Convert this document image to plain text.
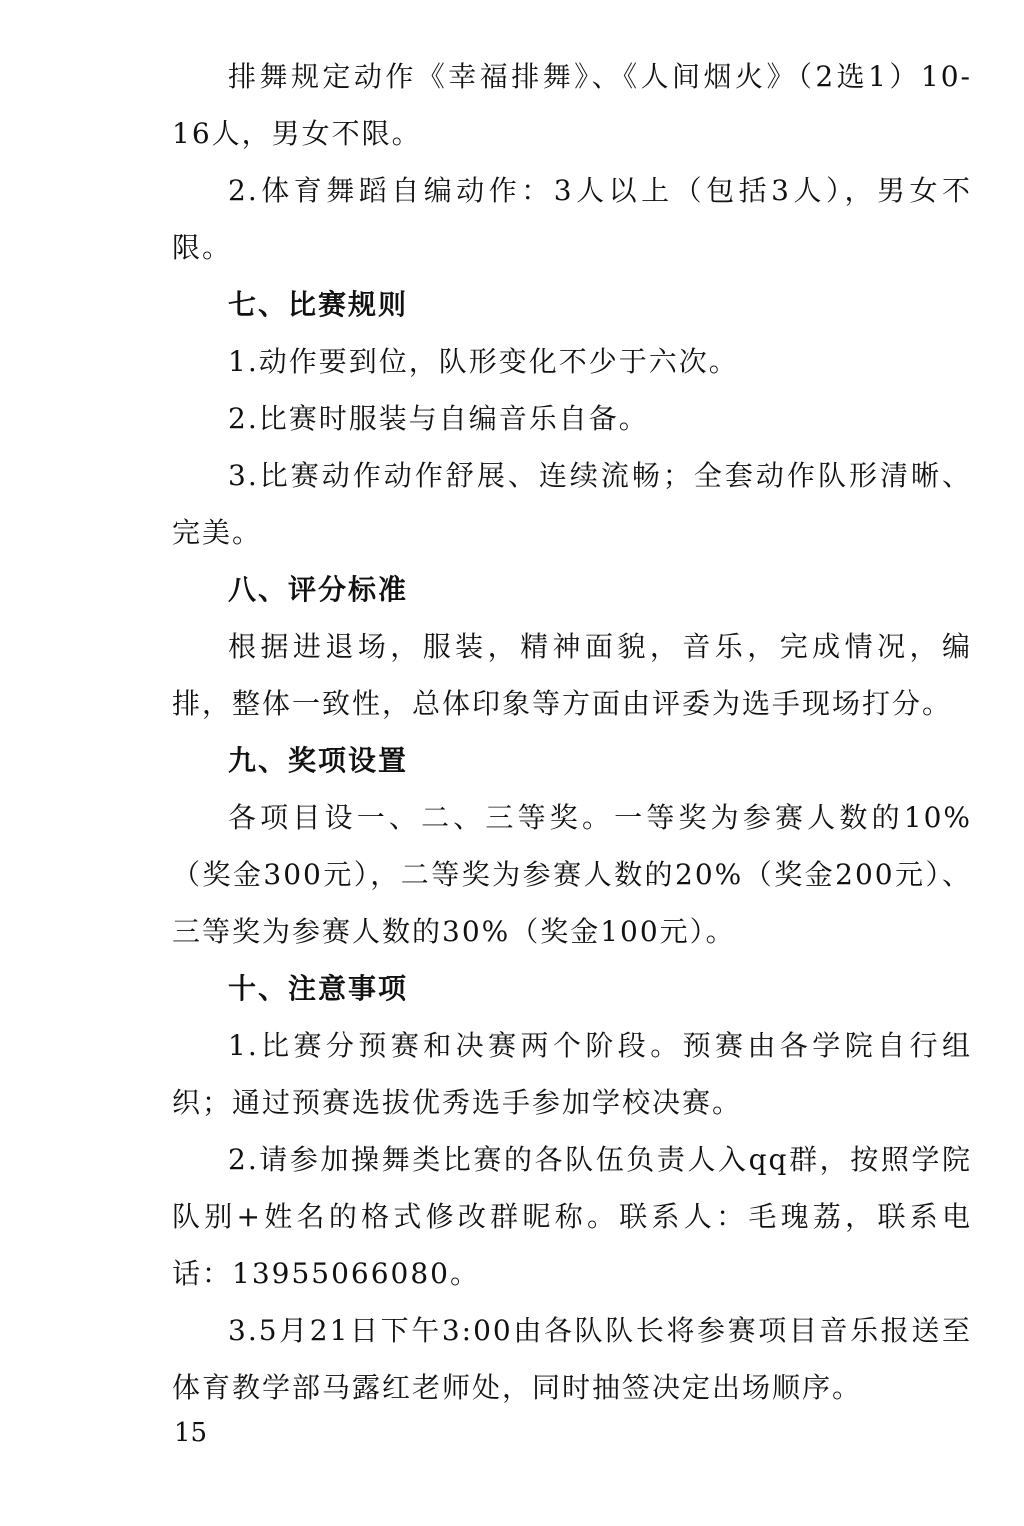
排舞规定动作《幸福排舞》、《人间烟火》（2选1）10-16人，男女不限。

2.体育舞蹈自编动作：3人以上（包括3人），男女不限。

七、比赛规则

1.动作要到位，队形变化不少于六次。

2.比赛时服装与自编音乐自备。

3.比赛动作动作舒展、连续流畅；全套动作队形清晰、完美。

八、评分标准

根据进退场，服装，精神面貌，音乐，完成情况，编排，整体一致性，总体印象等方面由评委为选手现场打分。

九、奖项设置

各项目设一、二、三等奖。一等奖为参赛人数的10%（奖金300元），二等奖为参赛人数的20%（奖金200元）、三等奖为参赛人数的30%（奖金100元）。

十、注意事项

1.比赛分预赛和决赛两个阶段。预赛由各学院自行组织；通过预赛选拔优秀选手参加学校决赛。

2.请参加操舞类比赛的各队伍负责人入qq群，按照学院队别+姓名的格式修改群昵称。联系人：毛瑰荔，联系电话：13955066080。

3.5月21日下午3:00由各队队长将参赛项目音乐报送至体育教学部马露红老师处，同时抽签决定出场顺序。

15
